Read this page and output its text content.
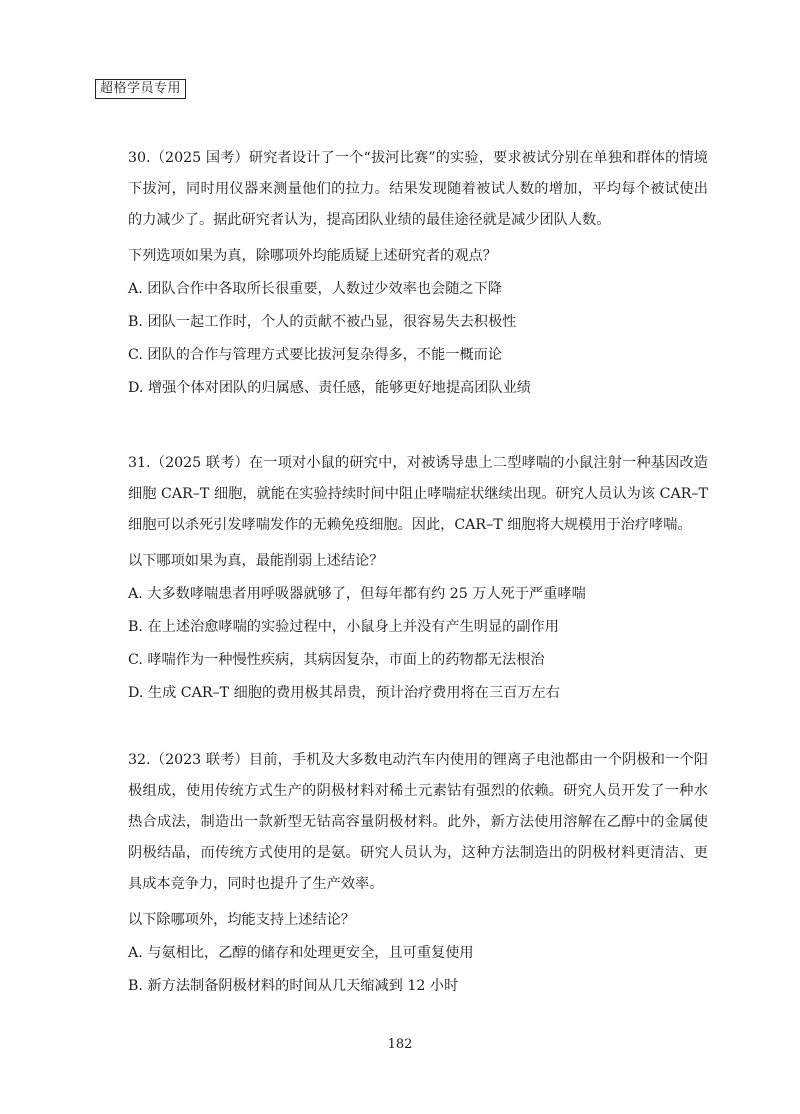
超格学员专用

30.（2025 国考）研究者设计了一个“拔河比赛”的实验，要求被试分别在单独和群体的情境下拔河，同时用仪器来测量他们的拉力。结果发现随着被试人数的增加，平均每个被试使出的力减少了。据此研究者认为，提高团队业绩的最佳途径就是减少团队人数。

下列选项如果为真，除哪项外均能质疑上述研究者的观点？

A. 团队合作中各取所长很重要，人数过少效率也会随之下降

B. 团队一起工作时，个人的贡献不被凸显，很容易失去积极性

C. 团队的合作与管理方式要比拔河复杂得多，不能一概而论

D. 增强个体对团队的归属感、责任感，能够更好地提高团队业绩

31.（2025 联考）在一项对小鼠的研究中，对被诱导患上二型哮喘的小鼠注射一种基因改造细胞 CAR–T 细胞，就能在实验持续时间中阻止哮喘症状继续出现。研究人员认为该 CAR–T 细胞可以杀死引发哮喘发作的无赖免疫细胞。因此，CAR–T 细胞将大规模用于治疗哮喘。

以下哪项如果为真，最能削弱上述结论？

A. 大多数哮喘患者用呼吸器就够了，但每年都有约 25 万人死于严重哮喘

B. 在上述治愈哮喘的实验过程中，小鼠身上并没有产生明显的副作用

C. 哮喘作为一种慢性疾病，其病因复杂，市面上的药物都无法根治

D. 生成 CAR–T 细胞的费用极其昂贵，预计治疗费用将在三百万左右

32.（2023 联考）目前，手机及大多数电动汽车内使用的锂离子电池都由一个阴极和一个阳极组成，使用传统方式生产的阴极材料对稀土元素钴有强烈的依赖。研究人员开发了一种水热合成法，制造出一款新型无钴高容量阴极材料。此外，新方法使用溶解在乙醇中的金属使阴极结晶，而传统方式使用的是氨。研究人员认为，这种方法制造出的阴极材料更清洁、更具成本竞争力，同时也提升了生产效率。

以下除哪项外，均能支持上述结论？

A. 与氨相比，乙醇的储存和处理更安全，且可重复使用

B. 新方法制备阴极材料的时间从几天缩减到 12 小时

182
